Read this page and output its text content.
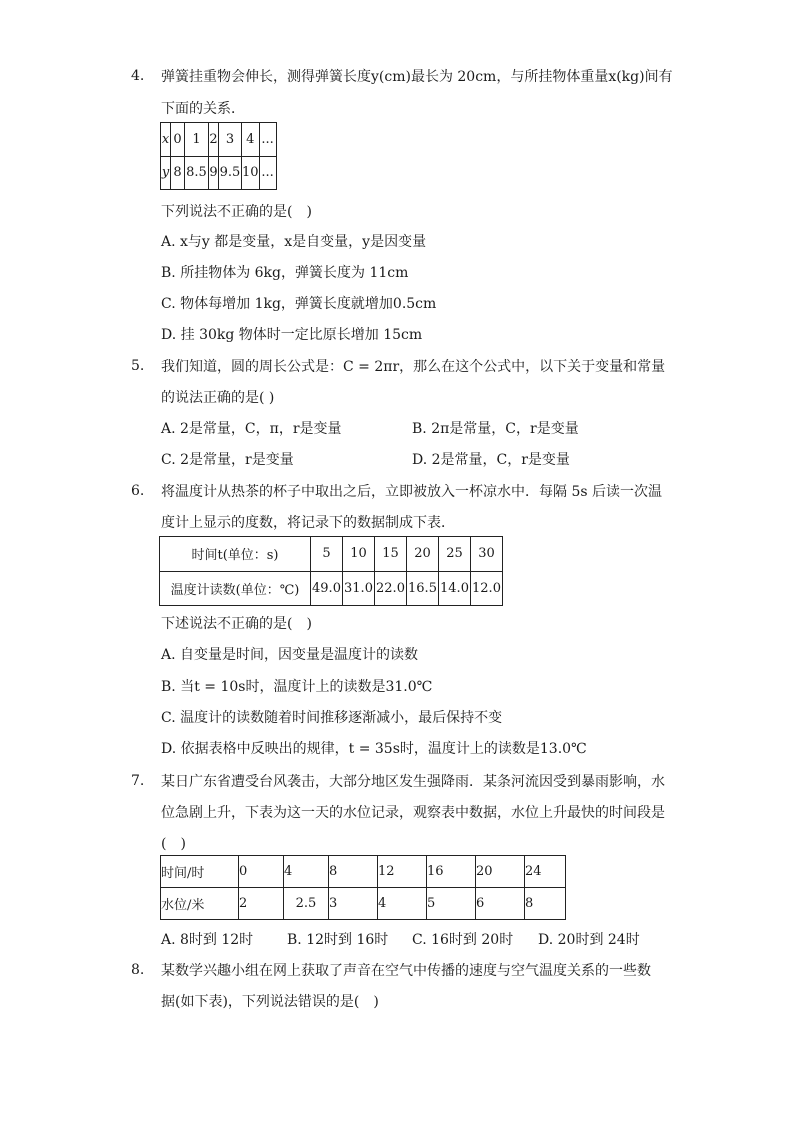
4.	弹簧挂重物会伸长，测得弹簧长度y(cm)最长为 20cm，与所挂物体重量x(kg)间有
下面的关系．
x	0	1	2	3	4	...
y	8	8.5	9	9.5	10	...
下列说法不正确的是(　)
A. x与y 都是变量，x是自变量，y是因变量
B. 所挂物体为 6kg，弹簧长度为 11cm
C. 物体每增加 1kg，弹簧长度就增加0.5cm
D. 挂 30kg 物体时一定比原长增加 15cm
5.	我们知道，圆的周长公式是：C = 2πr，那么在这个公式中，以下关于变量和常量
的说法正确的是( )
A. 2是常量，C，π，r是变量	B. 2π是常量，C，r是变量
C. 2是常量，r是变量	D. 2是常量，C，r是变量
6.	将温度计从热茶的杯子中取出之后，立即被放入一杯凉水中．每隔 5s 后读一次温
度计上显示的度数，将记录下的数据制成下表．
时间t(单位：s)	5	10	15	20	25	30
温度计读数(单位：℃)	49.0	31.0	22.0	16.5	14.0	12.0
下述说法不正确的是(　)
A. 自变量是时间，因变量是温度计的读数
B. 当t = 10s时，温度计上的读数是31.0℃
C. 温度计的读数随着时间推移逐渐减小，最后保持不变
D. 依据表格中反映出的规律，t = 35s时，温度计上的读数是13.0℃
7.	某日广东省遭受台风袭击，大部分地区发生强降雨．某条河流因受到暴雨影响，水
位急剧上升，下表为这一天的水位记录，观察表中数据，水位上升最快的时间段是
(　)
时间/时	0	4	8	12	16	20	24
水位/米	2	2.5	3	4	5	6	8
A. 8时到 12时 B. 12时到 16时 C. 16时到 20时 D. 20时到 24时
8.	某数学兴趣小组在网上获取了声音在空气中传播的速度与空气温度关系的一些数
据(如下表)，下列说法错误的是(　)
